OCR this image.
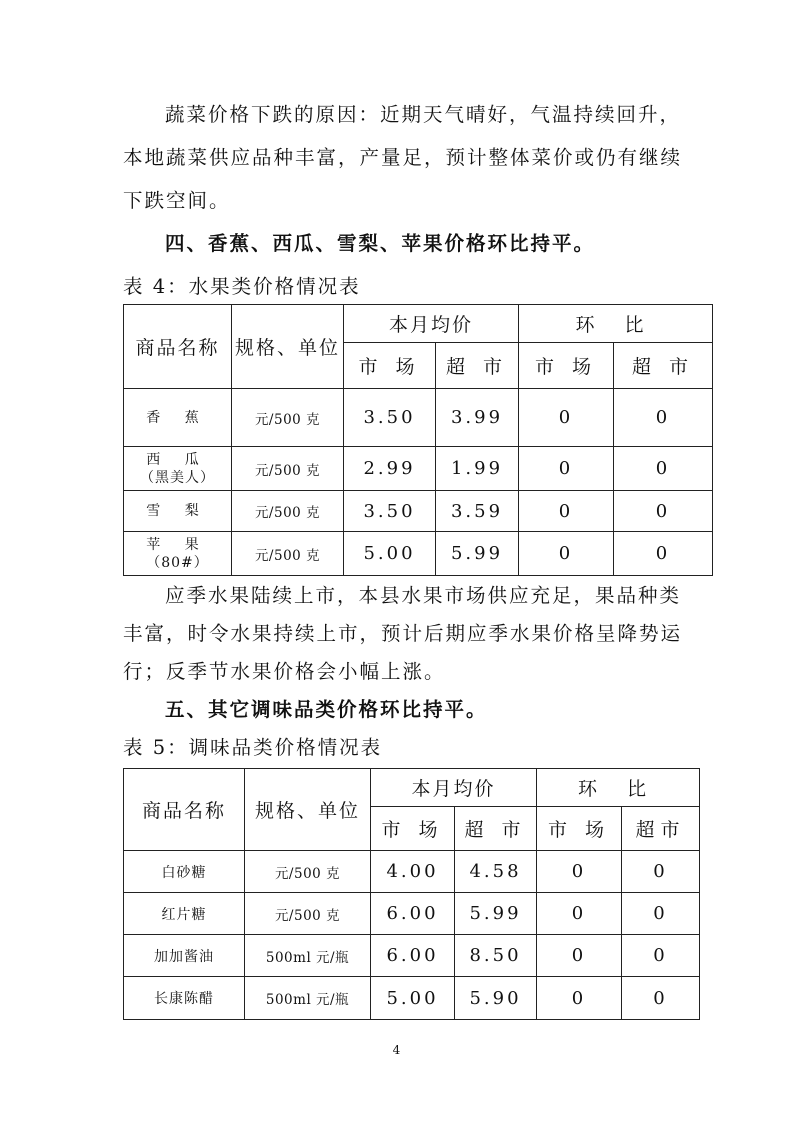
蔬菜价格下跌的原因：近期天气晴好，气温持续回升，
本地蔬菜供应品种丰富，产量足，预计整体菜价或仍有继续
下跌空间。
四、香蕉、西瓜、雪梨、苹果价格环比持平。
表 4：水果类价格情况表
商品名称	规格、单位	本月均价		环 比	
		市 场	超 市	市 场	超 市
香 蕉	元/500 克	3.50	3.99	0	0

西 瓜
（黑美人）	元/500 克	2.99	1.99	0	0
雪 梨	元/500 克	3.50	3.59	0	0

苹 果
（80#）	元/500 克	5.00	5.99	0	0
应季水果陆续上市，本县水果市场供应充足，果品种类
丰富，时令水果持续上市，预计后期应季水果价格呈降势运
行；反季节水果价格会小幅上涨。
五、其它调味品类价格环比持平。
表 5：调味品类价格情况表
商品名称	规格、单位	本月均价		环 比	
		市 场	超 市	市 场	超市
白砂糖	元/500 克	4.00	4.58	0	0
红片糖	元/500 克	6.00	5.99	0	0
加加酱油	500ml 元/瓶	6.00	8.50	0	0
长康陈醋	500ml 元/瓶	5.00	5.90	0	0
4
